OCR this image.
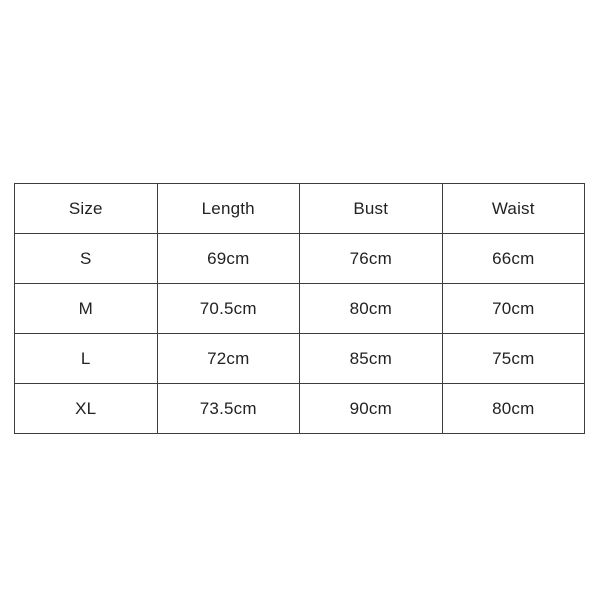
Size	Length	Bust	Waist
S	69cm	76cm	66cm
M	70.5cm	80cm	70cm
L	72cm	85cm	75cm
XL	73.5cm	90cm	80cm
